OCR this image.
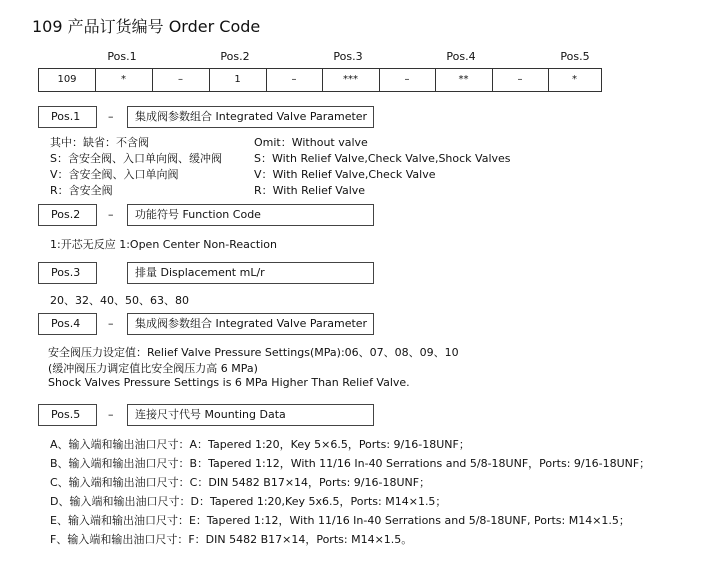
109 产品订货编号 Order Code
Pos.1	Pos.2	Pos.3	Pos.4	Pos.5
109	*	–	1	–	***	–	**	–	*
Pos.1	–	集成阀参数组合 Integrated Valve Parameter
其中：缺省：不含阀	Omit：Without valve
S：含安全阀、入口单向阀、缓冲阀	S：With Relief Valve,Check Valve,Shock Valves
V：含安全阀、入口单向阀	V：With Relief Valve,Check Valve
R：含安全阀	R：With Relief Valve
Pos.2	–	功能符号 Function Code
1:开芯无反应 1:Open Center Non-Reaction
Pos.3	排量 Displacement mL/r
20、32、40、50、63、80
Pos.4	–	集成阀参数组合 Integrated Valve Parameter
安全阀压力设定值：Relief Valve Pressure Settings(MPa):06、07、08、09、10
(缓冲阀压力调定值比安全阀压力高 6 MPa)
Shock Valves Pressure Settings is 6 MPa Higher Than Relief Valve.
Pos.5	–	连接尺寸代号 Mounting Data
A、输入端和输出油口尺寸：A：Tapered 1:20，Key 5×6.5，Ports: 9/16-18UNF；
B、输入端和输出油口尺寸：B：Tapered 1:12，With 11/16 In-40 Serrations and 5/8-18UNF，Ports: 9/16-18UNF；
C、输入端和输出油口尺寸：C：DIN 5482 B17×14，Ports: 9/16-18UNF；
D、输入端和输出油口尺寸：D：Tapered 1:20,Key 5x6.5，Ports: M14×1.5；
E、输入端和输出油口尺寸：E：Tapered 1:12，With 11/16 In-40 Serrations and 5/8-18UNF, Ports: M14×1.5；
F、输入端和输出油口尺寸：F：DIN 5482 B17×14，Ports: M14×1.5。
